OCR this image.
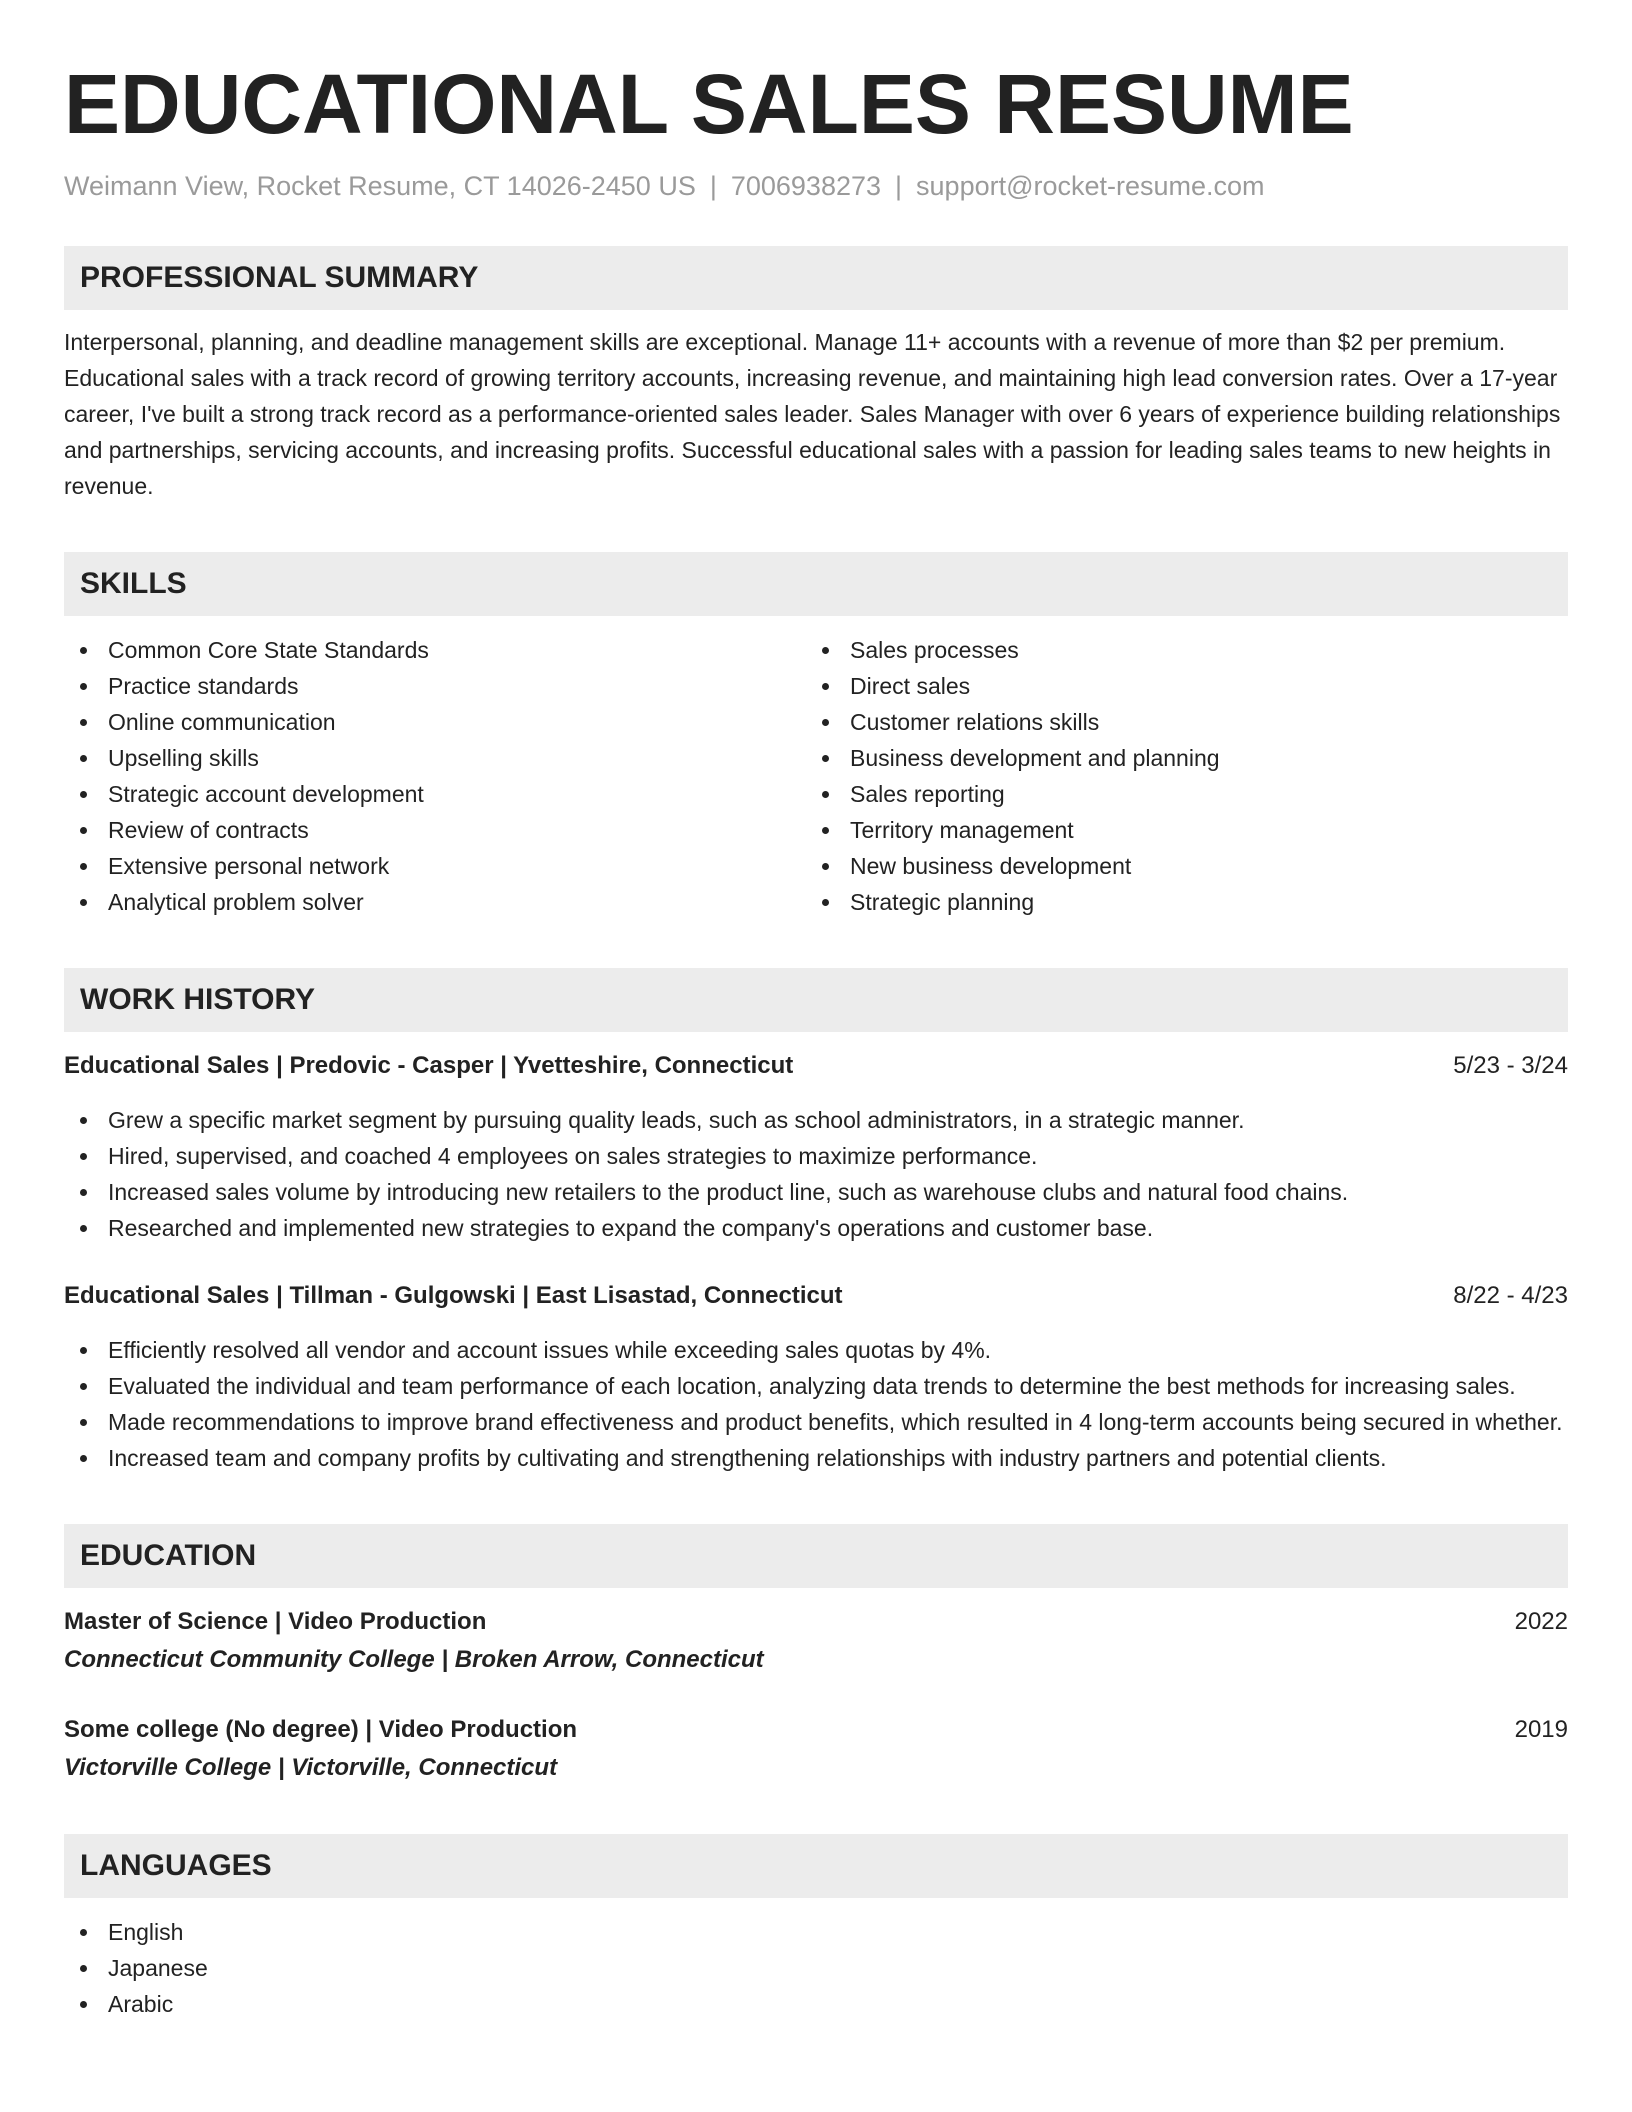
EDUCATIONAL SALES RESUME
Weimann View, Rocket Resume, CT 14026-2450 US | 7006938273 | support@rocket-resume.com
PROFESSIONAL SUMMARY
Interpersonal, planning, and deadline management skills are exceptional. Manage 11+ accounts with a revenue of more than $2 per premium. Educational sales with a track record of growing territory accounts, increasing revenue, and maintaining high lead conversion rates. Over a 17-year career, I've built a strong track record as a performance-oriented sales leader. Sales Manager with over 6 years of experience building relationships and partnerships, servicing accounts, and increasing profits. Successful educational sales with a passion for leading sales teams to new heights in revenue.
SKILLS
Common Core State Standards
Practice standards
Online communication
Upselling skills
Strategic account development
Review of contracts
Extensive personal network
Analytical problem solver
Sales processes
Direct sales
Customer relations skills
Business development and planning
Sales reporting
Territory management
New business development
Strategic planning
WORK HISTORY
Educational Sales | Predovic - Casper | Yvetteshire, Connecticut	5/23 - 3/24
Grew a specific market segment by pursuing quality leads, such as school administrators, in a strategic manner.
Hired, supervised, and coached 4 employees on sales strategies to maximize performance.
Increased sales volume by introducing new retailers to the product line, such as warehouse clubs and natural food chains.
Researched and implemented new strategies to expand the company's operations and customer base.
Educational Sales | Tillman - Gulgowski | East Lisastad, Connecticut	8/22 - 4/23
Efficiently resolved all vendor and account issues while exceeding sales quotas by 4%.
Evaluated the individual and team performance of each location, analyzing data trends to determine the best methods for increasing sales.
Made recommendations to improve brand effectiveness and product benefits, which resulted in 4 long-term accounts being secured in whether.
Increased team and company profits by cultivating and strengthening relationships with industry partners and potential clients.
EDUCATION
Master of Science | Video Production	2022
Connecticut Community College | Broken Arrow, Connecticut
Some college (No degree) | Video Production	2019
Victorville College | Victorville, Connecticut
LANGUAGES
English
Japanese
Arabic
